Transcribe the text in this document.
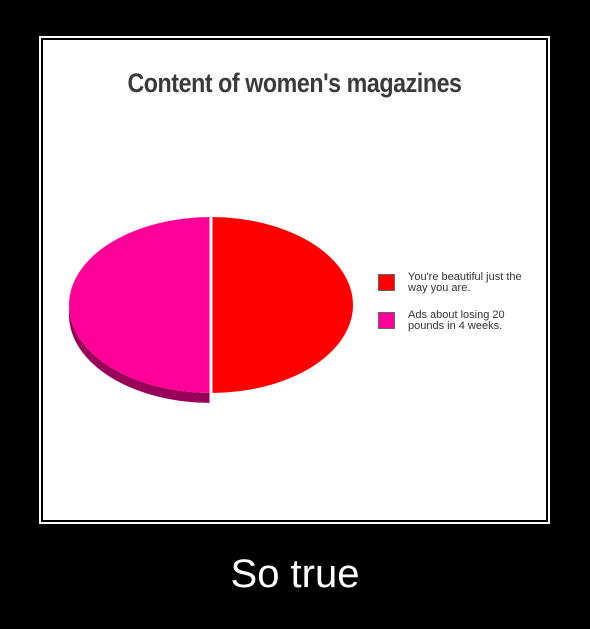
Content of women's magazines
You're beautiful just the way you are.
Ads about losing 20 pounds in 4 weeks.
So true
